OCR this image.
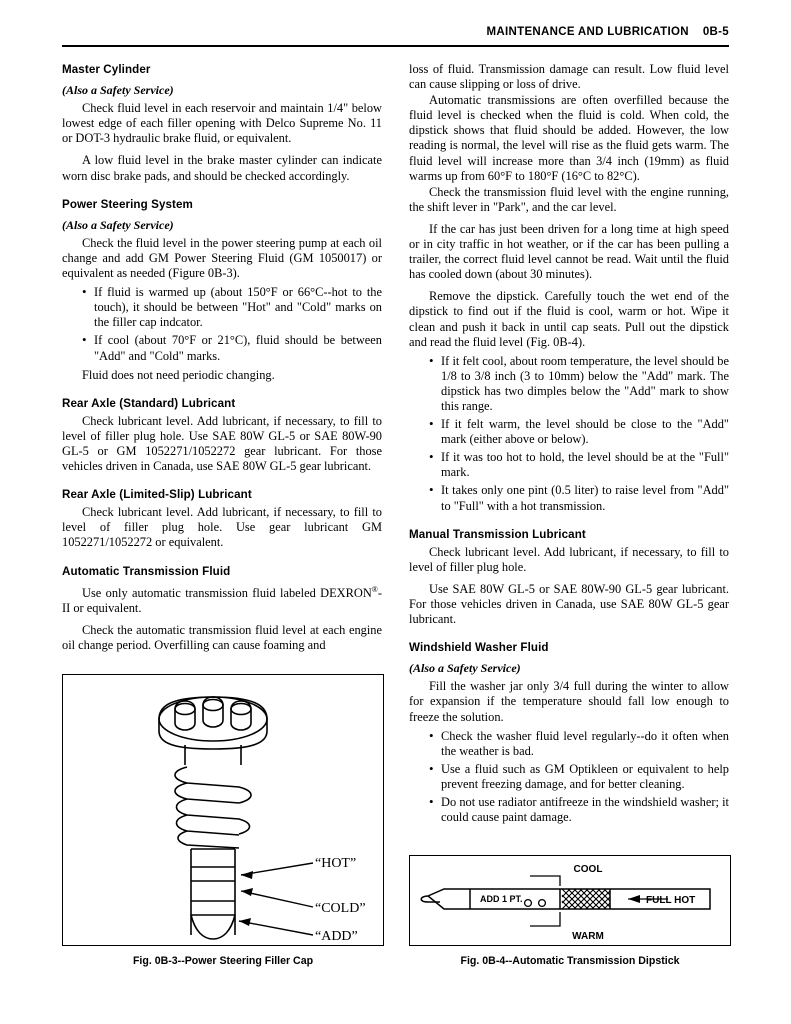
MAINTENANCE AND LUBRICATION 0B-5
Master Cylinder
(Also a Safety Service)

Check fluid level in each reservoir and maintain 1/4" below lowest edge of each filler opening with Delco Supreme No. 11 or DOT-3 hydraulic brake fluid, or equivalent.

A low fluid level in the brake master cylinder can indicate worn disc brake pads, and should be checked accordingly.

Power Steering System
(Also a Safety Service)

Check the fluid level in the power steering pump at each oil change and add GM Power Steering Fluid (GM 1050017) or equivalent as needed (Figure 0B-3).

• If fluid is warmed up (about 150°F or 66°C--hot to the touch), it should be between "Hot" and "Cold" marks on the filler cap indcator.
• If cool (about 70°F or 21°C), fluid should be between "Add" and "Cold" marks.

Fluid does not need periodic changing.

Rear Axle (Standard) Lubricant

Check lubricant level. Add lubricant, if necessary, to fill to level of filler plug hole. Use SAE 80W GL-5 or SAE 80W-90 GL-5 or GM 1052271/1052272 gear lubricant. For those vehicles driven in Canada, use SAE 80W GL-5 gear lubricant.

Rear Axle (Limited-Slip) Lubricant

Check lubricant level. Add lubricant, if necessary, to fill to level of filler plug hole. Use gear lubricant GM 1052271/1052272 or equivalent.

Automatic Transmission Fluid

Use only automatic transmission fluid labeled DEXRON®-II or equivalent.

Check the automatic transmission fluid level at each engine oil change period. Overfilling can cause foaming and

loss of fluid. Transmission damage can result. Low fluid level can cause slipping or loss of drive.

Automatic transmissions are often overfilled because the fluid level is checked when the fluid is cold. When cold, the dipstick shows that fluid should be added. However, the low reading is normal, the level will rise as the fluid gets warm. The fluid level will increase more than 3/4 inch (19mm) as fluid warms up from 60°F to 180°F (16°C to 82°C).

Check the transmission fluid level with the engine running, the shift lever in "Park", and the car level.

If the car has just been driven for a long time at high speed or in city traffic in hot weather, or if the car has been pulling a trailer, the correct fluid level cannot be read. Wait until the fluid has cooled down (about 30 minutes).

Remove the dipstick. Carefully touch the wet end of the dipstick to find out if the fluid is cool, warm or hot. Wipe it clean and push it back in until cap seats. Pull out the dipstick and read the fluid level (Fig. 0B-4).

• If it felt cool, about room temperature, the level should be 1/8 to 3/8 inch (3 to 10mm) below the "Add" mark. The dipstick has two dimples below the "Add" mark to show this range.
• If it felt warm, the level should be close to the "Add" mark (either above or below).
• If it was too hot to hold, the level should be at the "Full" mark.
• It takes only one pint (0.5 liter) to raise level from "Add" to "Full" with a hot transmission.
Manual Transmission Lubricant

Check lubricant level. Add lubricant, if necessary, to fill to level of filler plug hole.

Use SAE 80W GL-5 or SAE 80W-90 GL-5 gear lubricant. For those vehicles driven in Canada, use SAE 80W GL-5 gear lubricant.

Windshield Washer Fluid
(Also a Safety Service)

Fill the washer jar only 3/4 full during the winter to allow for expansion if the temperature should fall low enough to freeze the solution.

• Check the washer fluid level regularly--do it often when the weather is bad.
• Use a fluid such as GM Optikleen or equivalent to help prevent freezing damage, and for better cleaning.
• Do not use radiator antifreeze in the windshield washer; it could cause paint damage.
“HOT”
“COLD”
“ADD”
Fig. 0B-3--Power Steering Filler Cap
COOL
WARM
ADD 1 PT.	FULL HOT
Fig. 0B-4--Automatic Transmission Dipstick
